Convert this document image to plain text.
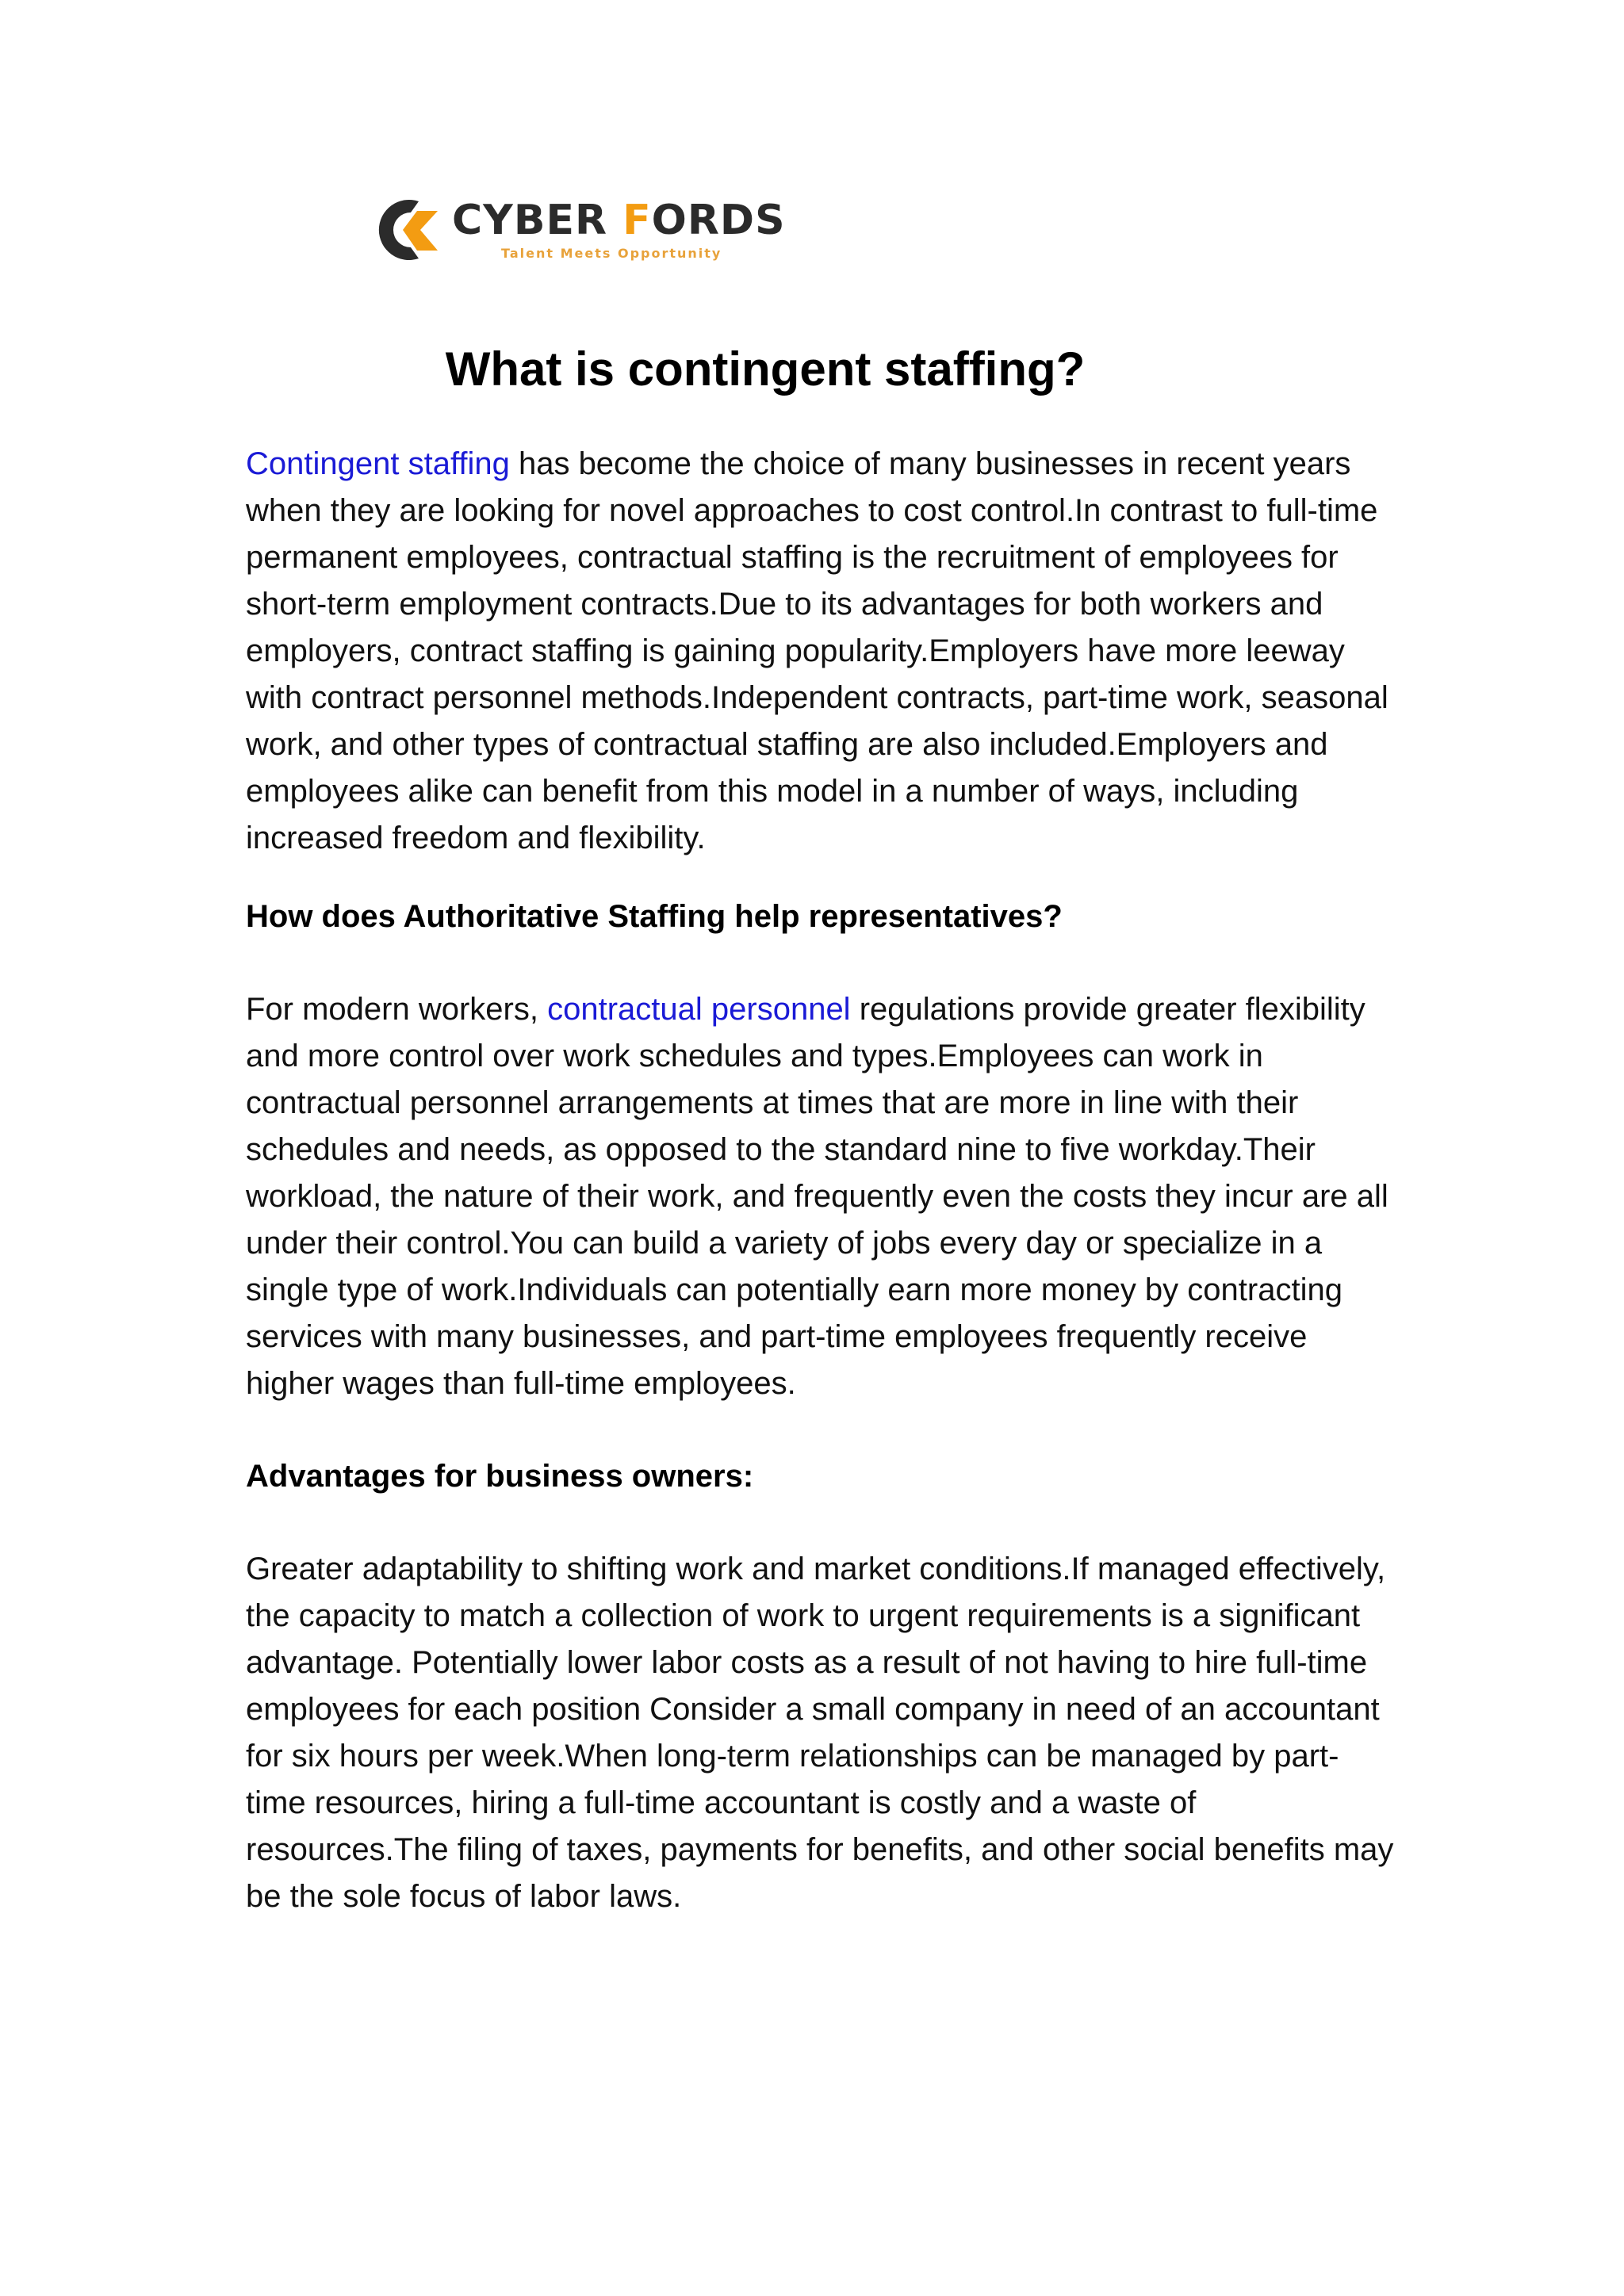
CYBER FORDS
Talent Meets Opportunity
What is contingent staffing?

Contingent staffing has become the choice of many businesses in recent years when they are looking for novel approaches to cost control.In contrast to full-time permanent employees, contractual staffing is the recruitment of employees for short-term employment contracts.Due to its advantages for both workers and employers, contract staffing is gaining popularity.Employers have more leeway with contract personnel methods.Independent contracts, part-time work, seasonal work, and other types of contractual staffing are also included.Employers and employees alike can benefit from this model in a number of ways, including increased freedom and flexibility.

How does Authoritative Staffing help representatives?

For modern workers, contractual personnel regulations provide greater flexibility and more control over work schedules and types.Employees can work in contractual personnel arrangements at times that are more in line with their schedules and needs, as opposed to the standard nine to five workday.Their workload, the nature of their work, and frequently even the costs they incur are all under their control.You can build a variety of jobs every day or specialize in a single type of work.Individuals can potentially earn more money by contracting services with many businesses, and part-time employees frequently receive higher wages than full-time employees.

Advantages for business owners:

Greater adaptability to shifting work and market conditions.If managed effectively, the capacity to match a collection of work to urgent requirements is a significant advantage. Potentially lower labor costs as a result of not having to hire full-time employees for each position Consider a small company in need of an accountant for six hours per week.When long-term relationships can be managed by part-time resources, hiring a full-time accountant is costly and a waste of resources.The filing of taxes, payments for benefits, and other social benefits may be the sole focus of labor laws.
